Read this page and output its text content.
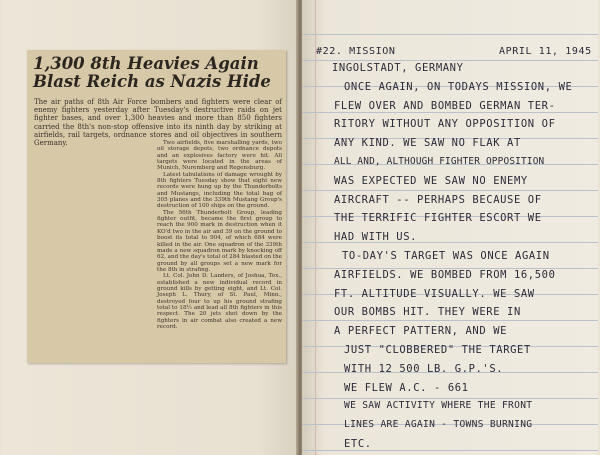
1,300 8th Heavies Again
Blast Reich as Nazis Hide
The air paths of 8th Air Force bombers and fighters were clear of enemy fighters yesterday after Tuesday's destructive raids on jet fighter bases, and over 1,300 heavies and more than 850 fighters carried the 8th's non-stop offensive into its ninth day by striking at airfields, rail targets, ordnance stores and oil objectives in southern Germany.	Two airfields, five marshalling yards, two oil storage depots, two ordnance depots and an explosives factory were hit. All targets were located in the areas of Munich, Nuremberg and Regensburg.

Latest tabulations of damage wrought by 8th fighters Tuesday show that eight new records were hung up by the Thunderbolts and Mustangs, including the total bag of 305 planes and the 339th Mustang Group's destruction of 100 ships on the ground.

The 56th Thunderbolt Group, leading fighter outfit, became the first group to reach the 900 mark in destruction when it KO'd two in the air and 39 on the ground to boost its total to 904, of which 684 were killed in the air. One squadron of the 339th made a new squadron mark by knocking off 62, and the day's total of 284 blasted on the ground by all groups set a new mark for the 8th in strafing.

Lt. Col. John D. Landers, of Joshua, Tex., established a new individual record in ground kills by getting eight, and Lt. Col. Joseph L. Thury, of St. Paul, Minn., destroyed four to up his ground strafing total to 18½ and lead all 8th fighters in this respect. The 20 jets shot down by the fighters in air combat also created a new record.

#22. MISSION	APRIL 11, 1945
INGOLSTADT, GERMANY
ONCE AGAIN, ON TODAYS MISSION, WE
FLEW OVER AND BOMBED GERMAN TER-
RITORY WITHOUT ANY OPPOSITION OF
ANY KIND. WE SAW NO FLAK AT
ALL AND, ALTHOUGH FIGHTER OPPOSITION
WAS EXPECTED WE SAW NO ENEMY
AIRCRAFT -- PERHAPS BECAUSE OF
THE TERRIFIC FIGHTER ESCORT WE
HAD WITH US.
TO-DAY'S TARGET WAS ONCE AGAIN
AIRFIELDS. WE BOMBED FROM 16,500
FT. ALTITUDE VISUALLY. WE SAW
OUR BOMBS HIT. THEY WERE IN
A PERFECT PATTERN, AND WE
JUST "CLOBBERED" THE TARGET
WITH 12 500 LB. G.P.'S.
WE FLEW A.C. - 661
WE SAW ACTIVITY WHERE THE FRONT
LINES ARE AGAIN - TOWNS BURNING
ETC.
